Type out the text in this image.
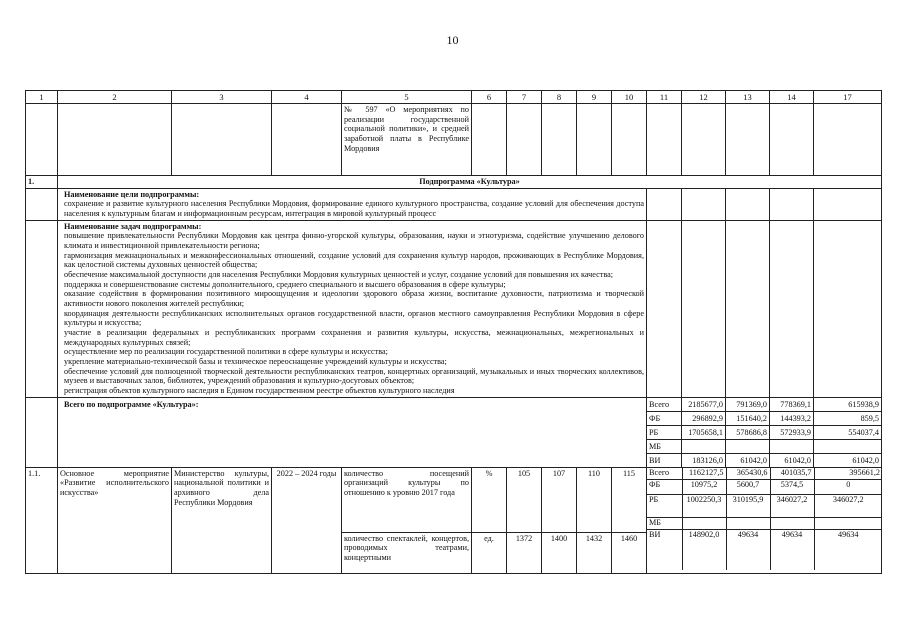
10
1	2	3	4	5	6	7	8	9	10	11	12	13	14	17
				№ 597 «О мероприятиях по реализации государственной социальной политики», и средней заработной платы в Республике Мордовия										
1.	Подпрограмма «Культура»

Наименование цели подпрограммы:
сохранение и развитие культурного населения Республики Мордовия, формирование единого культурного пространства, создание условий для обеспечения доступа населения к культурным благам и информационным ресурсам, интеграция в мировой культурный процесс

Наименование задач подпрограммы:
повышение привлекательности Республики Мордовия как центра финно-угорской культуры, образования, науки и этнотуризма, содействие улучшению делового климата и инвестиционной привлекательности региона;
гармонизация межнациональных и межконфессиональных отношений, создание условий для сохранения культур народов, проживающих в Республике Мордовия, как целостной системы духовных ценностей общества;
обеспечение максимальной доступности для населения Республики Мордовия культурных ценностей и услуг, создание условий для повышения их качества;
поддержка и совершенствование системы дополнительного, среднего специального и высшего образования в сфере культуры;
оказание содействия в формировании позитивного мироощущения и идеологии здорового образа жизни, воспитание духовности, патриотизма и творческой активности нового поколения жителей республики;
координация деятельности республиканских исполнительных органов государственной власти, органов местного самоуправления Республики Мордовия в сфере культуры и искусства;
участие в реализации федеральных и республиканских программ сохранения и развития культуры, искусства, межнациональных, межрегиональных и международных культурных связей;
осуществление мер по реализации государственной политики в сфере культуры и искусства;
укрепление материально-технической базы и техническое переоснащение учреждений культуры и искусства;
обеспечение условий для полноценной творческой деятельности республиканских театров, концертных организаций, музыкальных и иных творческих коллективов, музеев и выставочных залов, библиотек, учреждений образования и культурно-досуговых объектов;
регистрация объектов культурного наследия в Едином государственном реестре объектов культурного наследия

	Всего по подпрограмме «Культура»:	Всего	2185677,0	791369,0	778369,1	615938,9
ФБ	296892,9	151640,2	144393,2	859,5
РБ	1705658,1	578686,8	572933,9	554037,4
МБ				
ВИ	183126,0	61042,0	61042,0	61042,0
1.1.	Основное мероприятие «Развитие исполнительского искусства»	Министерство культуры, национальной политики и архивного дела Республики Мордовия	2022 – 2024 годы	количество посещений организаций культуры по отношению к уровню 2017 года	%	105	107	110	115	Всего	1162127,5	365430,6	401035,7	395661,2
ФБ	10975,2	5600,7	5374,5	0
РБ	1002250,3	310195,9	346027,2	346027,2
МБ				
ВИ	148902,0	49634	49634	49634

количество спектаклей, концертов, проводимых театрами, концертными	ед.	1372	1400	1432	1460
